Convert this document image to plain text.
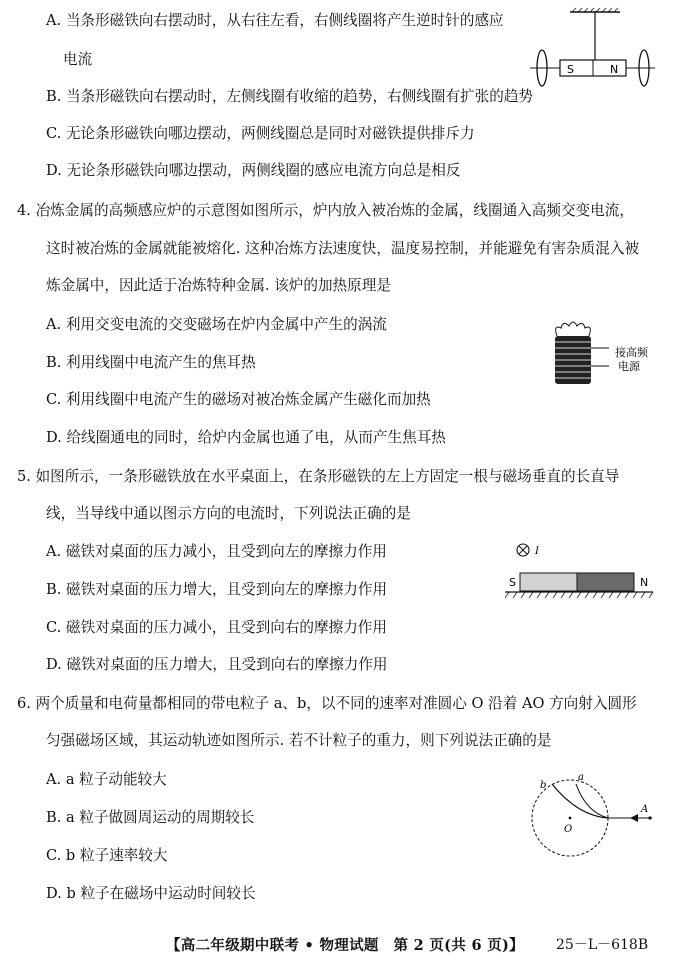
A. 当条形磁铁向右摆动时，从右往左看，右侧线圈将产生逆时针的感应
电流
B. 当条形磁铁向右摆动时，左侧线圈有收缩的趋势，右侧线圈有扩张的趋势
C. 无论条形磁铁向哪边摆动，两侧线圈总是同时对磁铁提供排斥力
D. 无论条形磁铁向哪边摆动，两侧线圈的感应电流方向总是相反
S	N
4. 冶炼金属的高频感应炉的示意图如图所示，炉内放入被冶炼的金属，线圈通入高频交变电流，
这时被冶炼的金属就能被熔化. 这种冶炼方法速度快，温度易控制，并能避免有害杂质混入被
炼金属中，因此适于冶炼特种金属. 该炉的加热原理是
A. 利用交变电流的交变磁场在炉内金属中产生的涡流
B. 利用线圈中电流产生的焦耳热
C. 利用线圈中电流产生的磁场对被冶炼金属产生磁化而加热
D. 给线圈通电的同时，给炉内金属也通了电，从而产生焦耳热
接高频
电源
5. 如图所示，一条形磁铁放在水平桌面上，在条形磁铁的左上方固定一根与磁场垂直的长直导
线，当导线中通以图示方向的电流时，下列说法正确的是
A. 磁铁对桌面的压力减小，且受到向左的摩擦力作用
B. 磁铁对桌面的压力增大，且受到向左的摩擦力作用
C. 磁铁对桌面的压力减小，且受到向右的摩擦力作用
D. 磁铁对桌面的压力增大，且受到向右的摩擦力作用
I
S	N
6. 两个质量和电荷量都相同的带电粒子 a、b，以不同的速率对准圆心 O 沿着 AO 方向射入圆形
匀强磁场区域，其运动轨迹如图所示. 若不计粒子的重力，则下列说法正确的是
A. a 粒子动能较大
B. a 粒子做圆周运动的周期较长
C. b 粒子速率较大
D. b 粒子在磁场中运动时间较长
A
O
a
b
【高二年级期中联考 • 物理试题　第 2 页(共 6 页)】 25－L－618B
